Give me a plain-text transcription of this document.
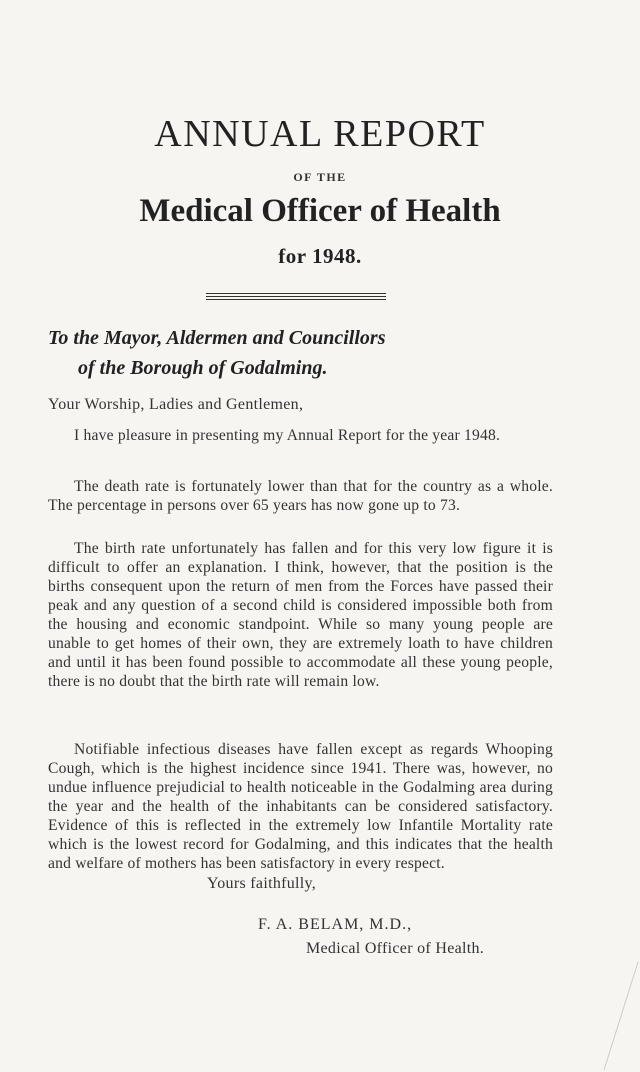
ANNUAL REPORT
OF THE
Medical Officer of Health
for 1948.
To the Mayor, Aldermen and Councillors
of the Borough of Godalming.
Your Worship, Ladies and Gentlemen,

I have pleasure in presenting my Annual Report for the year 1948.

The death rate is fortunately lower than that for the country as a whole. The percentage in persons over 65 years has now gone up to 73.

The birth rate unfortunately has fallen and for this very low figure it is difficult to offer an explanation. I think, however, that the position is the births consequent upon the return of men from the Forces have passed their peak and any question of a second child is considered impossible both from the housing and economic standpoint. While so many young people are unable to get homes of their own, they are extremely loath to have children and until it has been found possible to accommodate all these young people, there is no doubt that the birth rate will remain low.

Notifiable infectious diseases have fallen except as regards Whooping Cough, which is the highest incidence since 1941. There was, however, no undue influence prejudicial to health noticeable in the Godalming area during the year and the health of the inhabitants can be considered satisfactory. Evidence of this is reflected in the extremely low Infantile Mortality rate which is the lowest record for Godalming, and this indicates that the health and welfare of mothers has been satisfactory in every respect.

Yours faithfully,
F. A. BELAM, M.D.,
Medical Officer of Health.
